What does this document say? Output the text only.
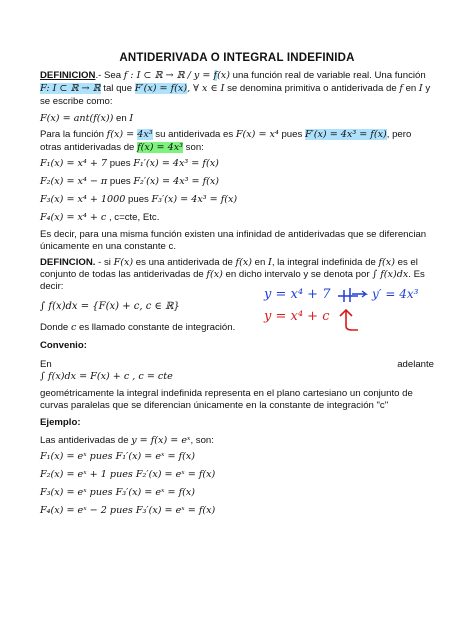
ANTIDERIVADA O INTEGRAL INDEFINIDA
DEFINICION.- Sea f : I ⊂ ℝ → ℝ / y = f(x) una función real de variable real. Una función
F: I ⊂ ℝ → ℝ tal que F′(x) = f(x), ∀ x ∈ I se denomina primitiva o antiderivada de f en I y
se escribe como:
F(x) = ant(f(x)) en I
Para la función f(x) = 4x³ su antiderivada es F(x) = x⁴ pues F′(x) = 4x³ = f(x), pero
otras antiderivadas de f(x) = 4x³ son:
F₁(x) = x⁴ + 7 pues F₁′(x) = 4x³ = f(x)
F₂(x) = x⁴ − π pues F₂′(x) = 4x³ = f(x)
F₃(x) = x⁴ + 1000 pues F₃′(x) = 4x³ = f(x)
F₄(x) = x⁴ + c , c=cte, Etc.
Es decir, para una misma función existen una infinidad de antiderivadas que se diferencian
únicamente en una constante c.
DEFINCION. - si F(x) es una antiderivada de f(x) en I, la integral indefinida de f(x) es el
conjunto de todas las antiderivadas de f(x) en dicho intervalo y se denota por ∫ f(x)dx. Es
decir:
∫ f(x)dx = {F(x) + c, c ∈ ℝ}
Donde c es llamado constante de integración.
y = x⁴ + 7
y = x⁴ + c
y′ = 4x³
Convenio:
En	adelante
∫ f(x)dx = F(x) + c , c = cte
geométricamente la integral indefinida representa en el plano cartesiano un conjunto de
curvas paralelas que se diferencian únicamente en la constante de integración "c"
Ejemplo:
Las antiderivadas de y = f(x) = eˣ, son:
F₁(x) = eˣ pues F₁′(x) = eˣ = f(x)
F₂(x) = eˣ + 1 pues F₂′(x) = eˣ = f(x)
F₃(x) = eˣ pues F₃′(x) = eˣ = f(x)
F₄(x) = eˣ − 2 pues F₃′(x) = eˣ = f(x)
